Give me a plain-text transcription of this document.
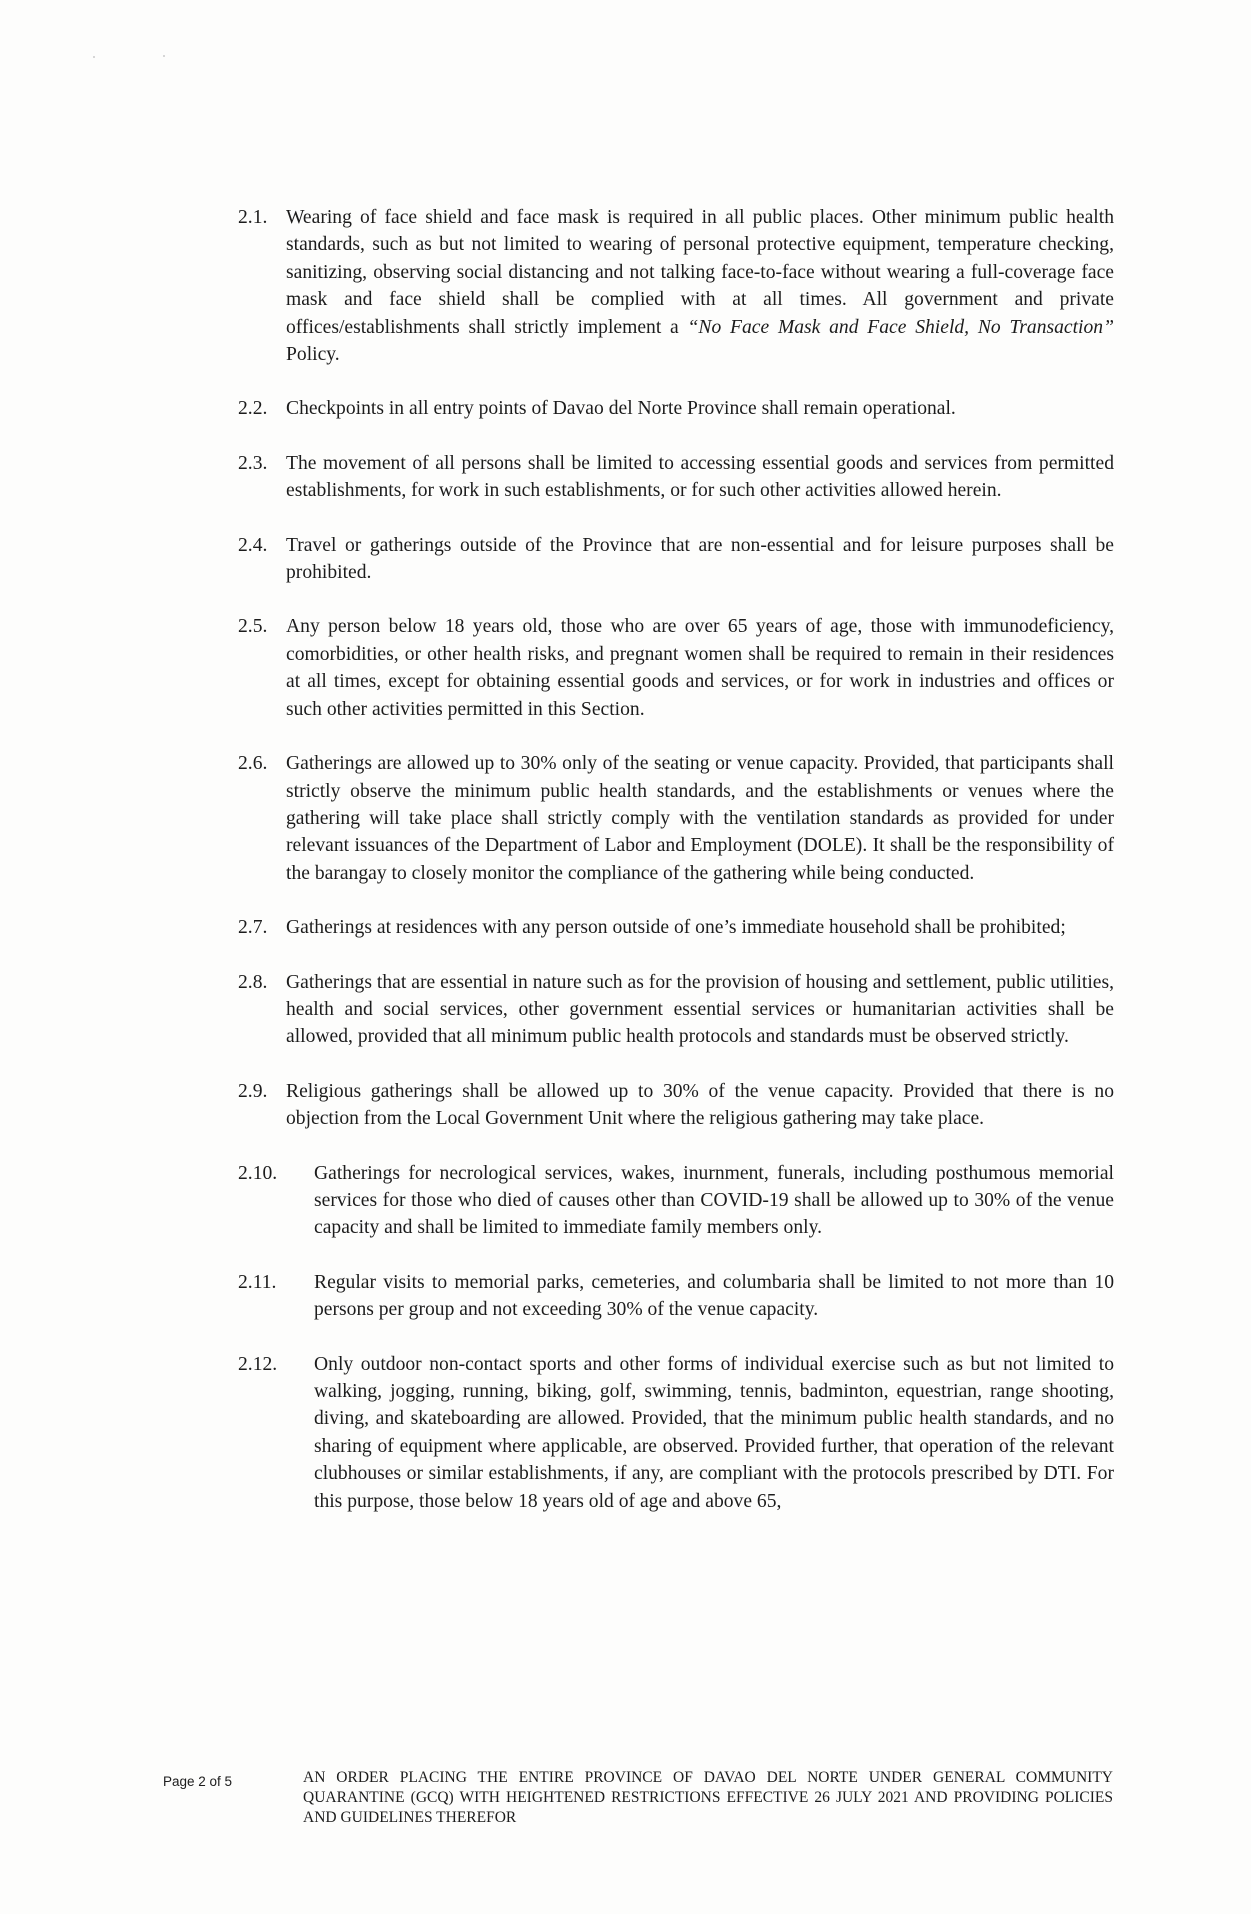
2.1. Wearing of face shield and face mask is required in all public places. Other minimum public health standards, such as but not limited to wearing of personal protective equipment, temperature checking, sanitizing, observing social distancing and not talking face-to-face without wearing a full-coverage face mask and face shield shall be complied with at all times. All government and private offices/establishments shall strictly implement a “No Face Mask and Face Shield, No Transaction” Policy.
2.2. Checkpoints in all entry points of Davao del Norte Province shall remain operational.
2.3. The movement of all persons shall be limited to accessing essential goods and services from permitted establishments, for work in such establishments, or for such other activities allowed herein.
2.4. Travel or gatherings outside of the Province that are non-essential and for leisure purposes shall be prohibited.
2.5. Any person below 18 years old, those who are over 65 years of age, those with immunodeficiency, comorbidities, or other health risks, and pregnant women shall be required to remain in their residences at all times, except for obtaining essential goods and services, or for work in industries and offices or such other activities permitted in this Section.
2.6. Gatherings are allowed up to 30% only of the seating or venue capacity. Provided, that participants shall strictly observe the minimum public health standards, and the establishments or venues where the gathering will take place shall strictly comply with the ventilation standards as provided for under relevant issuances of the Department of Labor and Employment (DOLE). It shall be the responsibility of the barangay to closely monitor the compliance of the gathering while being conducted.
2.7. Gatherings at residences with any person outside of one’s immediate household shall be prohibited;
2.8. Gatherings that are essential in nature such as for the provision of housing and settlement, public utilities, health and social services, other government essential services or humanitarian activities shall be allowed, provided that all minimum public health protocols and standards must be observed strictly.
2.9. Religious gatherings shall be allowed up to 30% of the venue capacity. Provided that there is no objection from the Local Government Unit where the religious gathering may take place.
2.10.	Gatherings for necrological services, wakes, inurnment, funerals, including posthumous memorial services for those who died of causes other than COVID-19 shall be allowed up to 30% of the venue capacity and shall be limited to immediate family members only.
2.11.	Regular visits to memorial parks, cemeteries, and columbaria shall be limited to not more than 10 persons per group and not exceeding 30% of the venue capacity.
2.12.	Only outdoor non-contact sports and other forms of individual exercise such as but not limited to walking, jogging, running, biking, golf, swimming, tennis, badminton, equestrian, range shooting, diving, and skateboarding are allowed. Provided, that the minimum public health standards, and no sharing of equipment where applicable, are observed. Provided further, that operation of the relevant clubhouses or similar establishments, if any, are compliant with the protocols prescribed by DTI. For this purpose, those below 18 years old of age and above 65,
Page 2 of 5	AN ORDER PLACING THE ENTIRE PROVINCE OF DAVAO DEL NORTE UNDER GENERAL COMMUNITY QUARANTINE (GCQ) WITH HEIGHTENED RESTRICTIONS EFFECTIVE 26 JULY 2021 AND PROVIDING POLICIES AND GUIDELINES THEREFOR
